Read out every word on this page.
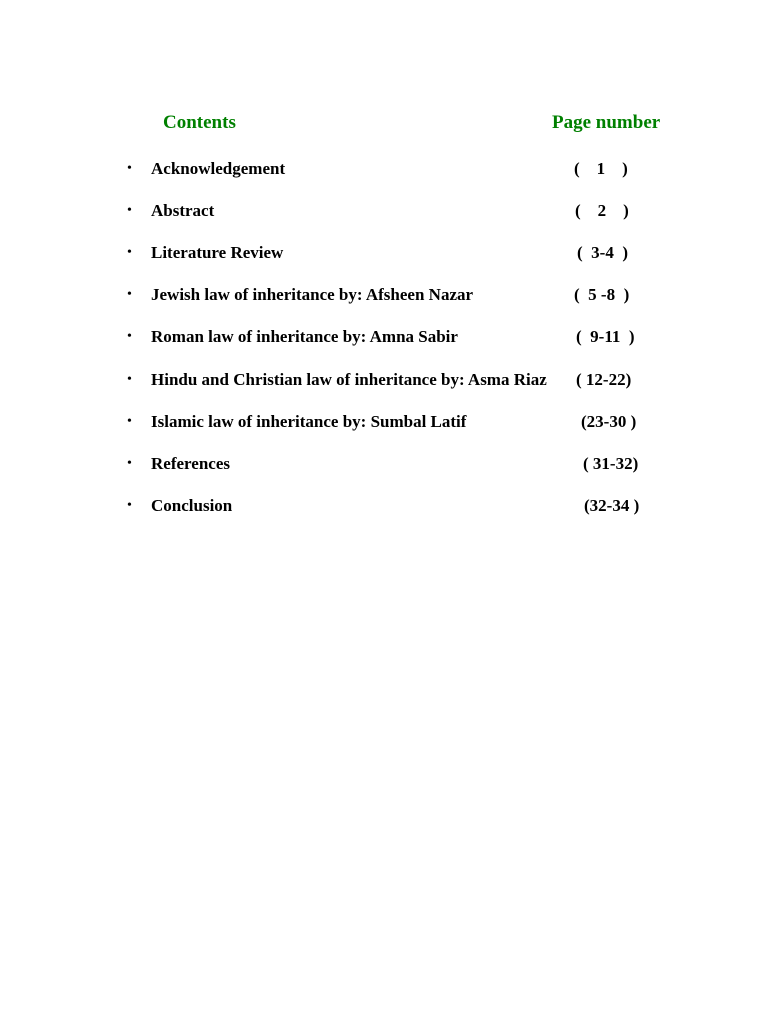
Contents	Page number
• Acknowledgement	(    1    )
• Abstract	(    2    )
• Literature Review	(  3-4  )
• Jewish law of inheritance by: Afsheen Nazar	(  5 -8  )
• Roman law of inheritance by: Amna Sabir	(  9-11  )
• Hindu and Christian law of inheritance by: Asma Riaz ( 12-22)
• Islamic law of inheritance by: Sumbal Latif	(23-30 )
• References	( 31-32)
• Conclusion	(32-34 )
